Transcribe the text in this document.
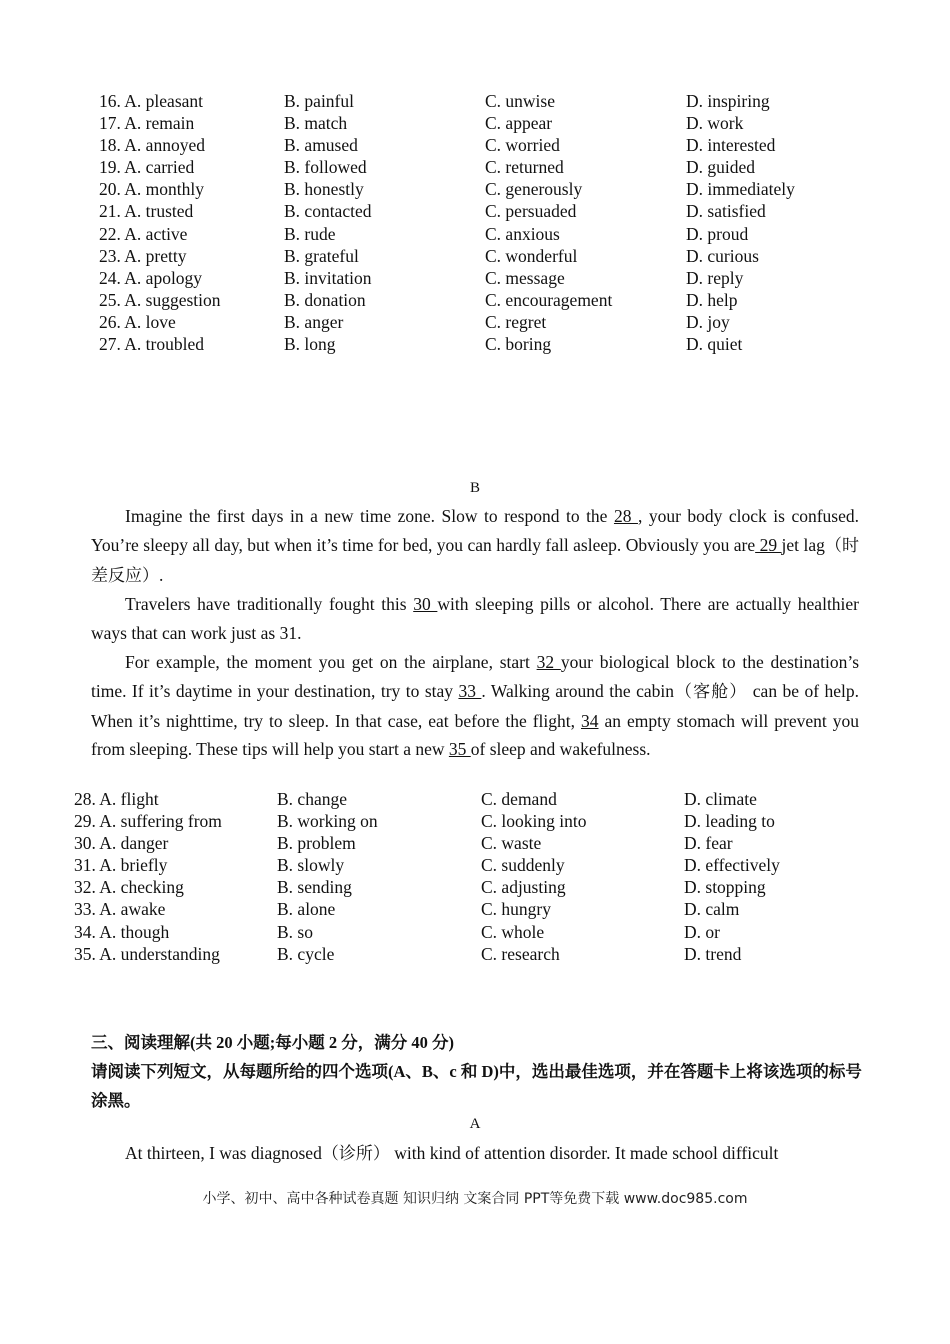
16. A. pleasant	B. painful	C. unwise	D. inspiring
17. A. remain	B. match	C. appear	D. work
18. A. annoyed	B. amused	C. worried	D. interested
19. A. carried	B. followed	C. returned	D. guided
20. A. monthly	B. honestly	C. generously	D. immediately
21. A. trusted	B. contacted	C. persuaded	D. satisfied
22. A. active	B. rude	C. anxious	D. proud
23. A. pretty	B. grateful	C. wonderful	D. curious
24. A. apology	B. invitation	C. message	D. reply
25. A. suggestion	B. donation	C. encouragement	D. help
26. A. love	B. anger	C. regret	D. joy
27. A. troubled	B. long	C. boring	D. quiet
B

Imagine the first days in a new time zone. Slow to respond to the 28 , your body clock is confused. You’re sleepy all day, but when it’s time for bed, you can hardly fall asleep. Obviously you are 29 jet lag（时差反应）.

Travelers have traditionally fought this 30 with sleeping pills or alcohol. There are actually healthier ways that can work just as 31.

For example, the moment you get on the airplane, start 32 your biological block to the destination’s time. If it’s daytime in your destination, try to stay 33 . Walking around the cabin（客舱） can be of help. When it’s nighttime, try to sleep. In that case, eat before the flight, 34 an empty stomach will prevent you from sleeping. These tips will help you start a new 35 of sleep and wakefulness.

28. A. flight	B. change	C. demand	D. climate
29. A. suffering from	B. working on	C. looking into	D. leading to
30. A. danger	B. problem	C. waste	D. fear
31. A. briefly	B. slowly	C. suddenly	D. effectively
32. A. checking	B. sending	C. adjusting	D. stopping
33. A. awake	B. alone	C. hungry	D. calm
34. A. though	B. so	C. whole	D. or
35. A. understanding	B. cycle	C. research	D. trend
三、阅读理解(共 20 小题;每小题 2 分，满分 40 分)
请阅读下列短文，从每题所给的四个选项(A、B、c 和 D)中，选出最佳选项，并在答题卡上将该选项的标号涂黑。
A

At thirteen, I was diagnosed（诊所） with kind of attention disorder. It made school difficult

小学、初中、高中各种试卷真题 知识归纳 文案合同 PPT等免费下载 www.doc985.com
